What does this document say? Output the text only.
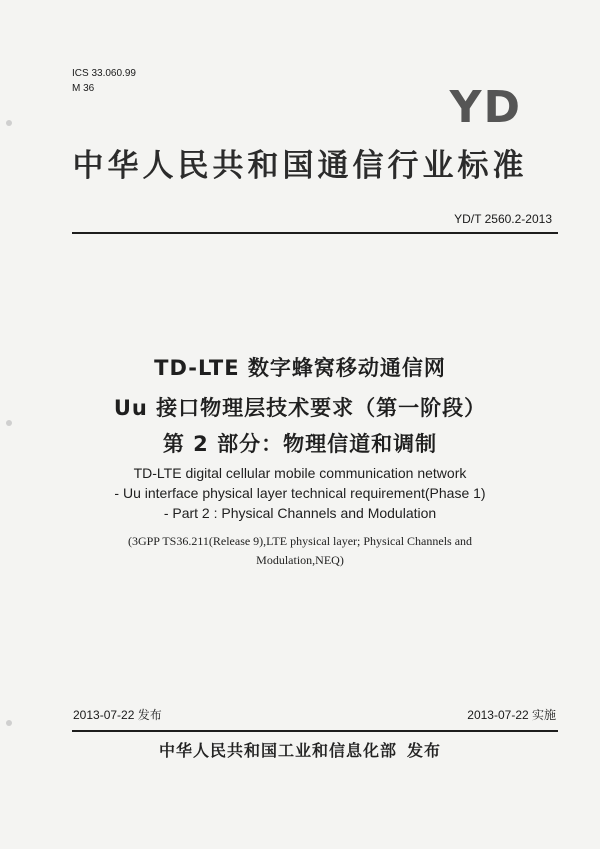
ICS 33.060.99
M 36	YD
中华人民共和国通信行业标准
YD/T 2560.2-2013
TD-LTE 数字蜂窝移动通信网
Uu 接口物理层技术要求（第一阶段）
第 2 部分：物理信道和调制
TD-LTE digital cellular mobile communication network
- Uu interface physical layer technical requirement(Phase 1)
- Part 2 : Physical Channels and Modulation
(3GPP TS36.211(Release 9),LTE physical layer; Physical Channels and
Modulation,NEQ)
2013-07-22 发布	2013-07-22 实施
中华人民共和国工业和信息化部 发布
